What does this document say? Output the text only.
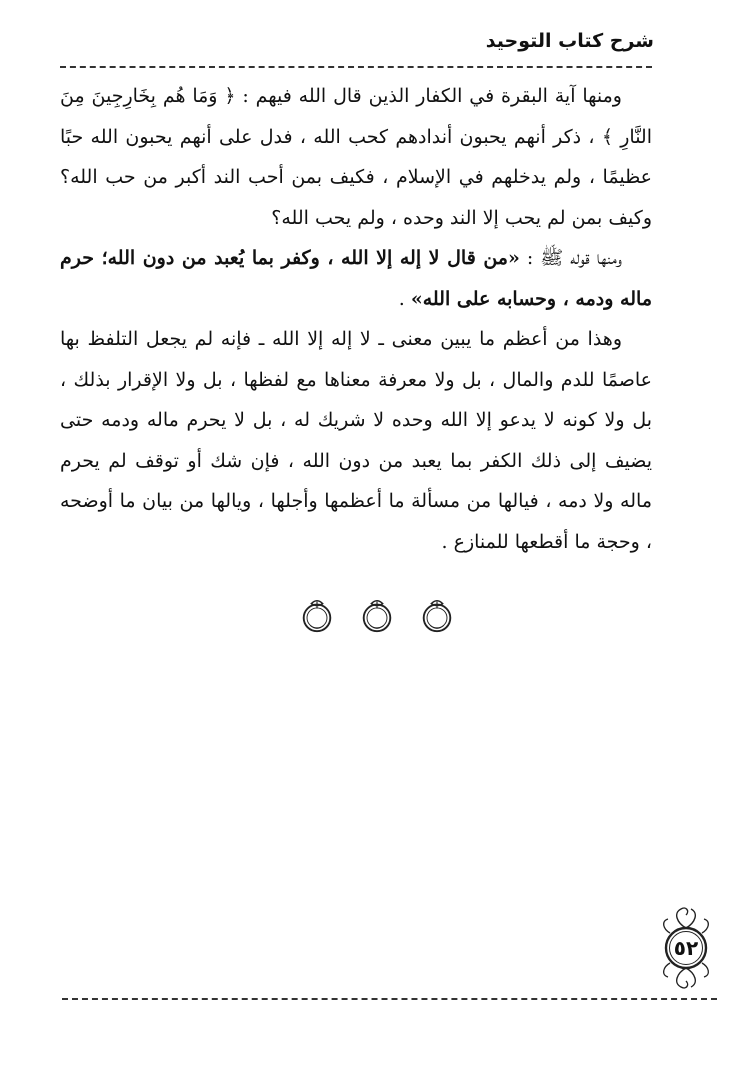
شرح كتاب التوحيد

ومنها آية البقرة في الكفار الذين قال الله فيهم : ﴿ وَمَا هُم بِخَارِجِينَ مِنَ النَّارِ ﴾ ، ذكر أنهم يحبون أندادهم كحب الله ، فدل على أنهم يحبون الله حبًا عظيمًا ، ولم يدخلهم في الإسلام ، فكيف بمن أحب الند أكبر من حب الله؟ وكيف بمن لم يحب إلا الند وحده ، ولم يحب الله؟

ومنها قوله ﷺ : «من قال لا إله إلا الله ، وكفر بما يُعبد من دون الله؛ حرم ماله ودمه ، وحسابه على الله» .

وهذا من أعظم ما يبين معنى ـ لا إله إلا الله ـ فإنه لم يجعل التلفظ بها عاصمًا للدم والمال ، بل ولا معرفة معناها مع لفظها ، بل ولا الإقرار بذلك ، بل ولا كونه لا يدعو إلا الله وحده لا شريك له ، بل لا يحرم ماله ودمه حتى يضيف إلى ذلك الكفر بما يعبد من دون الله ، فإن شك أو توقف لم يحرم ماله ولا دمه ، فيالها من مسألة ما أعظمها وأجلها ، ويالها من بيان ما أوضحه ، وحجة ما أقطعها للمنازع .

٥٢
